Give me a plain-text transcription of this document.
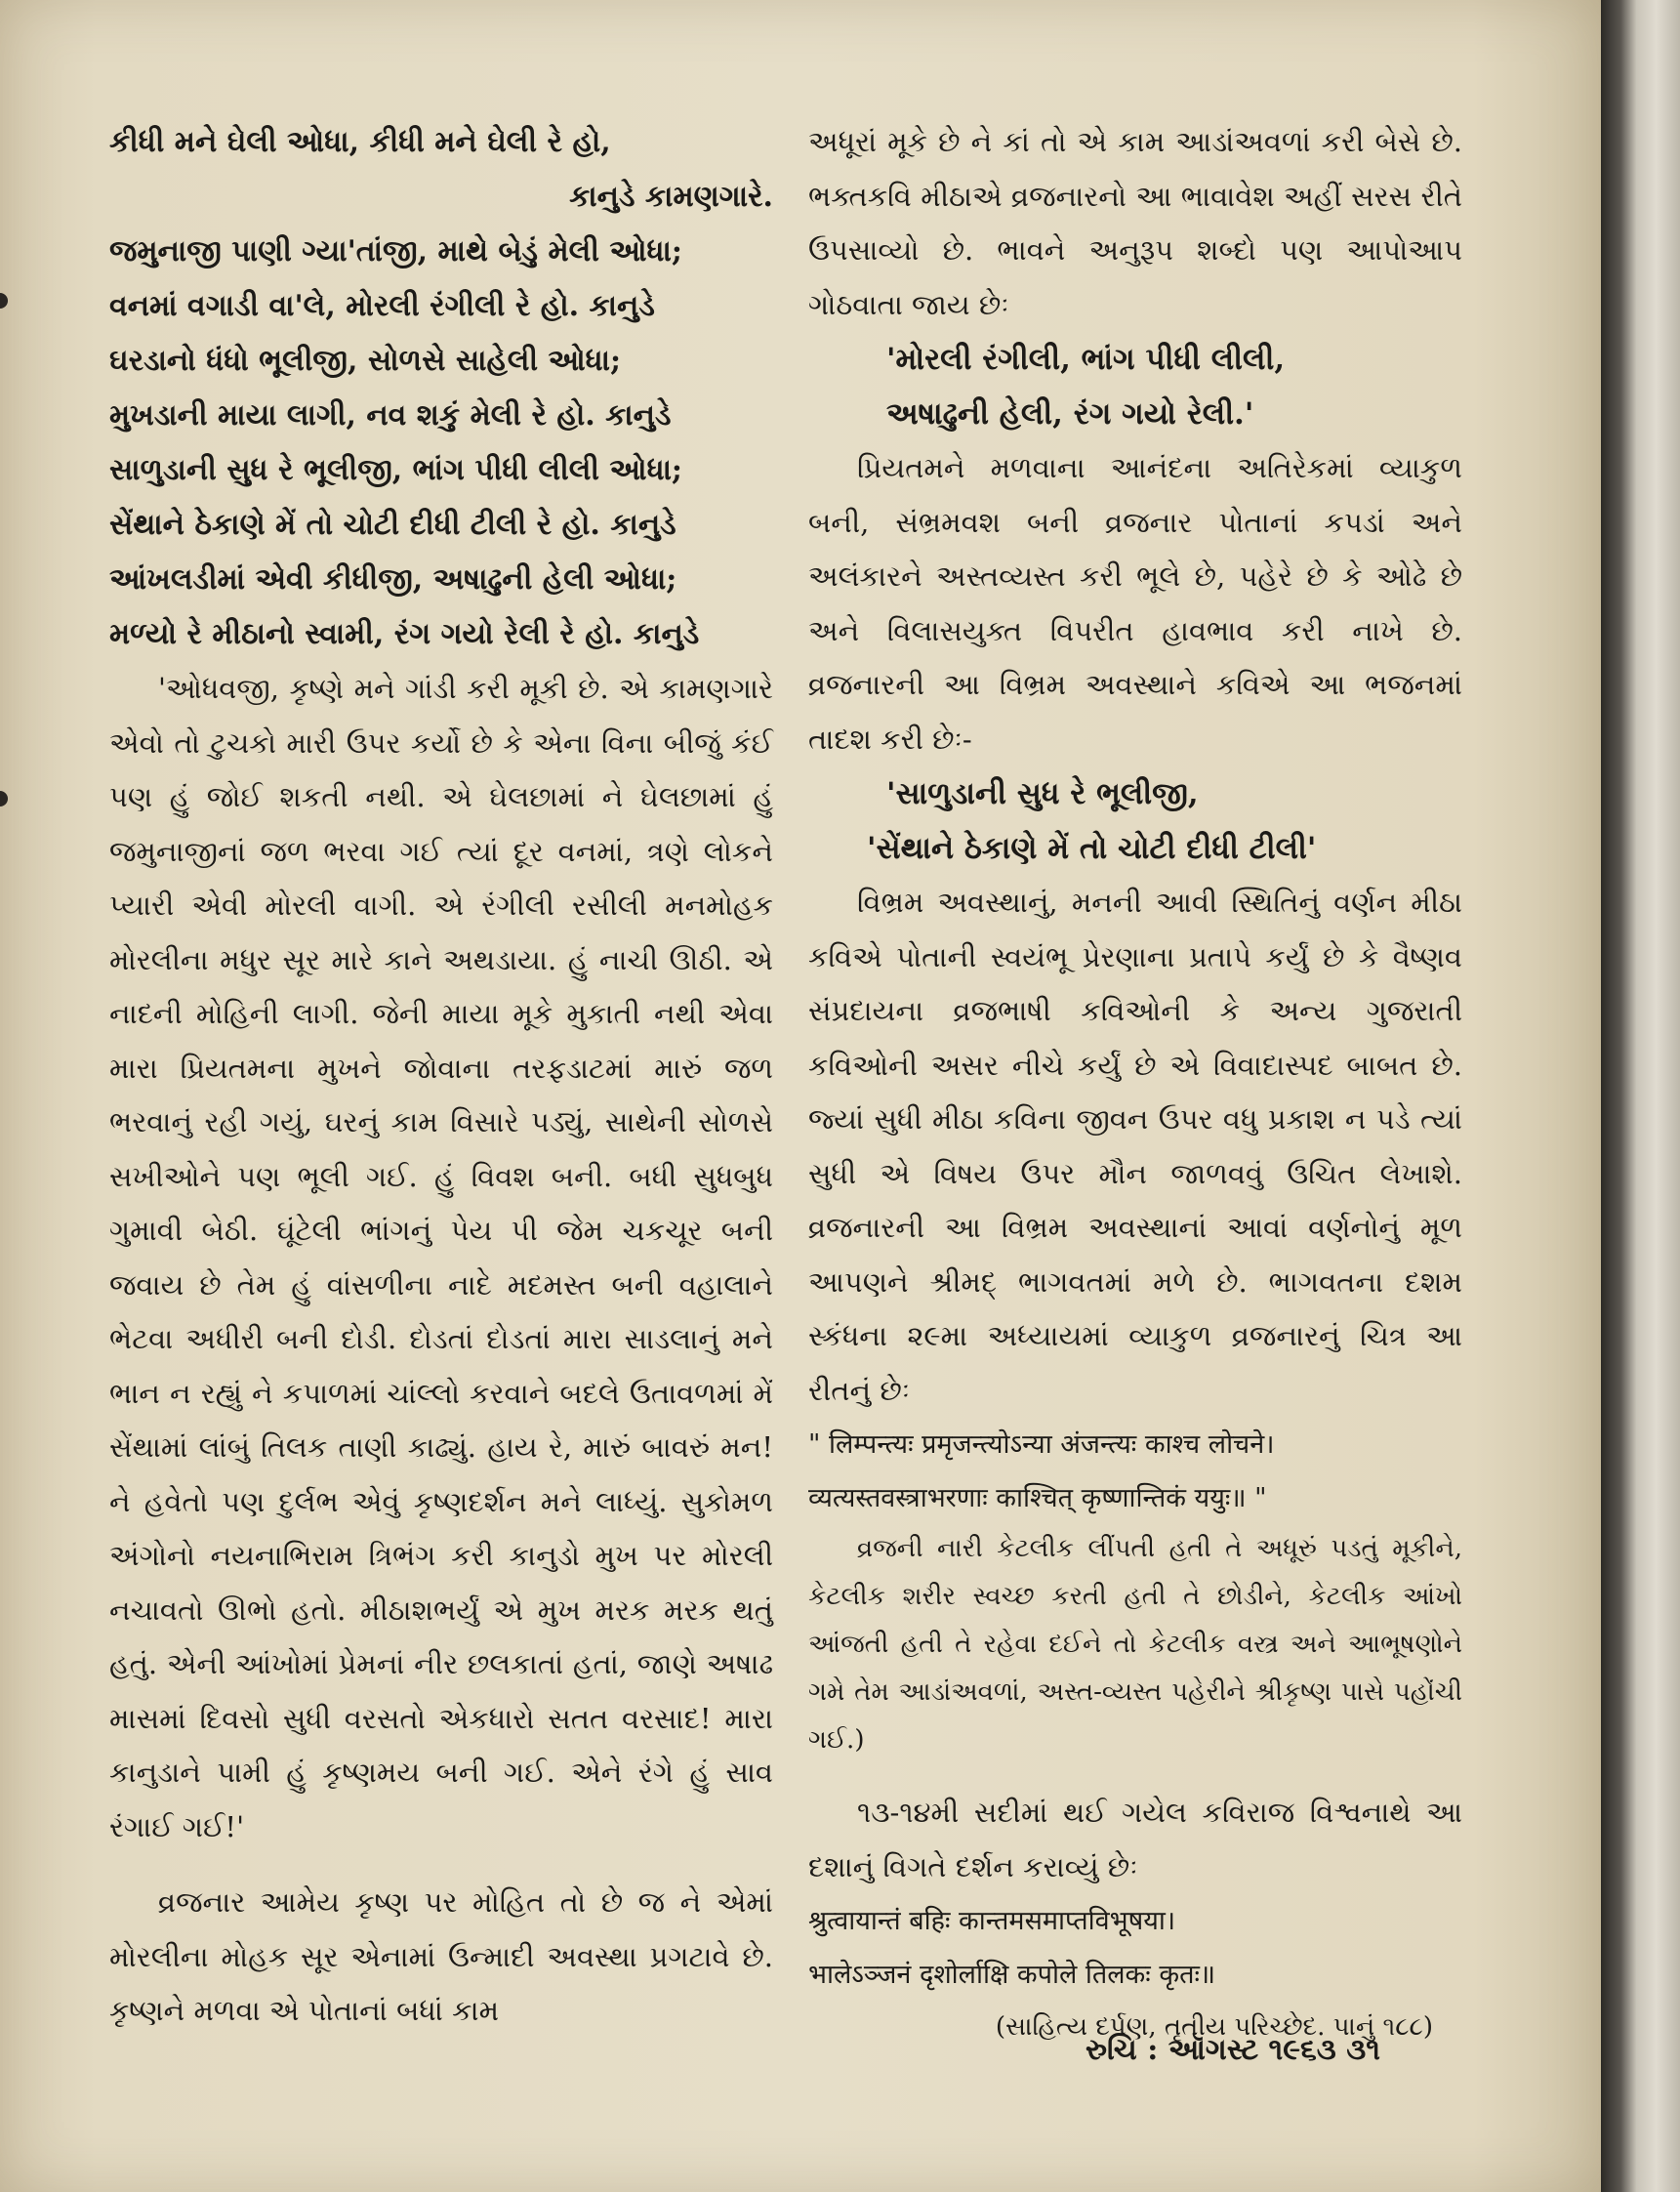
કીધી મને ઘેલી ઓધા, કીધી મને ઘેલી રે હો,

કાનુડે કામણગારે.

જમુનાજી પાણી ગ્યા'તાંજી, માથે બેડું મેલી ઓધા;

વનમાં વગાડી વા'લે, મોરલી રંગીલી રે હો. કાનુડે

ઘરડાનો ધંધો ભૂલીજી, સોળસે સાહેલી ઓધા;

મુખડાની માયા લાગી, નવ શકું મેલી રે હો. કાનુડે

સાળુડાની સુધ રે ભૂલીજી, ભાંગ પીધી લીલી ઓધા;

સેંથાને ઠેકાણે મેં તો ચોટી દીધી ટીલી રે હો. કાનુડે

આંખલડીમાં એવી કીધીજી, અષાઢુની હેલી ઓધા;

મળ્યો રે મીઠાનો સ્વામી, રંગ ગયો રેલી રે હો. કાનુડે

'ઓધવજી, કૃષ્ણે મને ગાંડી કરી મૂકી છે. એ કામણગારે એવો તો ટુચકો મારી ઉપર કર્યો છે કે એના વિના બીજું કંઈ પણ હું જોઈ શકતી નથી. એ ઘેલછામાં ને ઘેલછામાં હું જમુનાજીનાં જળ ભરવા ગઈ ત્યાં દૂર વનમાં, ત્રણે લોકને પ્યારી એવી મોરલી વાગી. એ રંગીલી રસીલી મનમોહક મોરલીના મધુર સૂર મારે કાને અથડાયા. હું નાચી ઊઠી. એ નાદની મોહિની લાગી. જેની માયા મૂકે મુકાતી નથી એવા મારા પ્રિયતમના મુખને જોવાના તરફડાટમાં મારું જળ ભરવાનું રહી ગયું, ઘરનું કામ વિસારે પડ્યું, સાથેની સોળસે સખીઓને પણ ભૂલી ગઈ. હું વિવશ બની. બધી સુધબુધ ગુમાવી બેઠી. ઘૂંટેલી ભાંગનું પેય પી જેમ ચકચૂર બની જવાય છે તેમ હું વાંસળીના નાદે મદમસ્ત બની વહાલાને ભેટવા અધીરી બની દોડી. દોડતાં દોડતાં મારા સાડલાનું મને ભાન ન રહ્યું ને કપાળમાં ચાંલ્લો કરવાને બદલે ઉતાવળમાં મેં સેંથામાં લાંબું તિલક તાણી કાઢ્યું. હાય રે, મારું બાવરું મન! ને હવેતો પણ દુર્લભ એવું કૃષ્ણદર્શન મને લાધ્યું. સુકોમળ અંગોનો નયનાભિરામ ત્રિભંગ કરી કાનુડો મુખ પર મોરલી નચાવતો ઊભો હતો. મીઠાશભર્યું એ મુખ મરક મરક થતું હતું. એની આંખોમાં પ્રેમનાં નીર છલકાતાં હતાં, જાણે અષાઢ માસમાં દિવસો સુધી વરસતો એકધારો સતત વરસાદ! મારા કાનુડાને પામી હું કૃષ્ણમય બની ગઈ. એને રંગે હું સાવ રંગાઈ ગઈ!'

વ્રજનાર આમેય કૃષ્ણ પર મોહિત તો છે જ ને એમાં મોરલીના મોહક સૂર એનામાં ઉન્માદી અવસ્થા પ્રગટાવે છે. કૃષ્ણને મળવા એ પોતાનાં બધાં કામ

અધૂરાં મૂકે છે ને કાં તો એ કામ આડાંઅવળાં કરી બેસે છે. ભક્તકવિ મીઠાએ વ્રજનારનો આ ભાવાવેશ અહીં સરસ રીતે ઉપસાવ્યો છે. ભાવને અનુરૂપ શબ્દો પણ આપોઆપ ગોઠવાતા જાય છેઃ

'મોરલી રંગીલી, ભાંગ પીધી લીલી,

અષાઢુની હેલી, રંગ ગયો રેલી.'

પ્રિયતમને મળવાના આનંદના અતિરેકમાં વ્યાકુળ બની, સંભ્રમવશ બની વ્રજનાર પોતાનાં કપડાં અને અલંકારને અસ્તવ્યસ્ત કરી ભૂલે છે, પહેરે છે કે ઓઢે છે અને વિલાસયુક્ત વિપરીત હાવભાવ કરી નાખે છે. વ્રજનારની આ વિભ્રમ અવસ્થાને કવિએ આ ભજનમાં તાદશ કરી છેઃ-

'સાળુડાની સુધ રે ભૂલીજી,

'સેંથાને ઠેકાણે મેં તો ચોટી દીધી ટીલી'

વિભ્રમ અવસ્થાનું, મનની આવી સ્થિતિનું વર્ણન મીઠા કવિએ પોતાની સ્વયંભૂ પ્રેરણાના પ્રતાપે કર્યું છે કે વૈષ્ણવ સંપ્રદાયના વ્રજભાષી કવિઓની કે અન્ય ગુજરાતી કવિઓની અસર નીચે કર્યું છે એ વિવાદાસ્પદ બાબત છે. જ્યાં સુધી મીઠા કવિના જીવન ઉપર વધુ પ્રકાશ ન પડે ત્યાં સુધી એ વિષય ઉપર મૌન જાળવવું ઉચિત લેખાશે. વ્રજનારની આ વિભ્રમ અવસ્થાનાં આવાં વર્ણનોનું મૂળ આપણને શ્રીમદ્ ભાગવતમાં મળે છે. ભાગવતના દશમ સ્કંધના ૨૯મા અધ્યાયમાં વ્યાકુળ વ્રજનારનું ચિત્ર આ રીતનું છેઃ

" लिम्पन्त्यः प्रमृजन्त्योऽन्या अंजन्त्यः काश्च लोचने।

व्यत्यस्तवस्त्राभरणाः काश्चित् कृष्णान्तिकं ययुः॥ "

વ્રજની નારી કેટલીક લીંપતી હતી તે અધૂરું પડતું મૂકીને, કેટલીક શરીર સ્વચ્છ કરતી હતી તે છોડીને, કેટલીક આંખો આંજતી હતી તે રહેવા દઈને તો કેટલીક વસ્ત્ર અને આભૂષણોને ગમે તેમ આડાંઅવળાં, અસ્ત-વ્યસ્ત પહેરીને શ્રીકૃષ્ણ પાસે પહોંચી ગઈ.)

૧૩-૧૪મી સદીમાં થઈ ગયેલ કવિરાજ વિશ્વનાથે આ દશાનું વિગતે દર્શન કરાવ્યું છેઃ

श्रुत्वायान्तं बहिः कान्तमसमाप्तविभूषया।

भालेऽञ्जनं दृशोर्लाक्षि कपोले तिलकः कृतः॥

(સાહિત્ય દર્પણ, તૃતીય પરિચ્છેદ. પાનું ૧૮૮)

રુચિ : ઑગસ્ટ ૧૯૬૩ ૩૧
